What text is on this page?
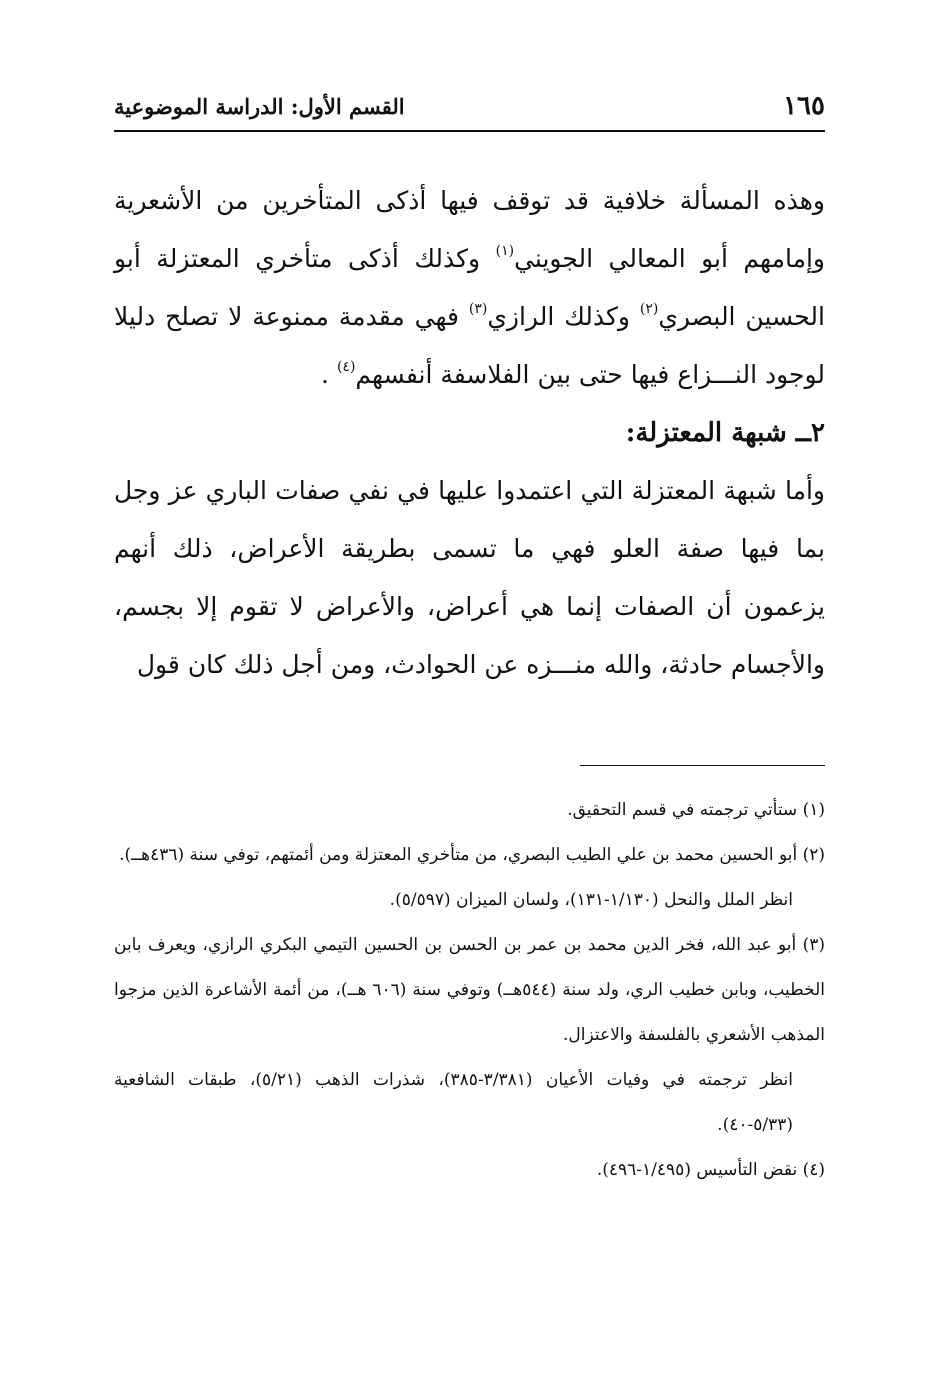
١٦٥
القسم الأول: الدراسة الموضوعية

وهذه المسألة خلافية قد توقف فيها أذكى المتأخرين من الأشعرية وإمامهم أبو المعالي الجويني$^{(١)}$ وكذلك أذكى متأخري المعتزلة أبو الحسين البصري$^{(٢)}$ وكذلك الرازي$^{(٣)}$ فهي مقدمة ممنوعة لا تصلح دليلا لوجود النـــزاع فيها حتى بين الفلاسفة أنفسهم$^{(٤)}$ .

٢ــ شبهة المعتزلة:

وأما شبهة المعتزلة التي اعتمدوا عليها في نفي صفات الباري عز وجل بما فيها صفة العلو فهي ما تسمى بطريقة الأعراض، ذلك أنهم يزعمون أن الصفات إنما هي أعراض، والأعراض لا تقوم إلا بجسم، والأجسام حادثة، والله منـــزه عن الحوادث، ومن أجل ذلك كان قول

(١) ستأتي ترجمته في قسم التحقيق.

(٢) أبو الحسين محمد بن علي الطيب البصري، من متأخري المعتزلة ومن أئمتهم، توفي سنة (٤٣٦هــ).

انظر الملل والنحل (١/١٣٠-١٣١)، ولسان الميزان (٥/٥٩٧).

(٣) أبو عبد الله، فخر الدين محمد بن عمر بن الحسن بن الحسين التيمي البكري الرازي، ويعرف بابن الخطيب، وبابن خطيب الري، ولد سنة (٥٤٤هــ) وتوفي سنة (٦٠٦ هــ)، من أئمة الأشاعرة الذين مزجوا المذهب الأشعري بالفلسفة والاعتزال.

انظر ترجمته في وفيات الأعيان (٣/٣٨١-٣٨٥)، شذرات الذهب (٥/٢١)، طبقات الشافعية (٥/٣٣-٤٠).

(٤) نقض التأسيس (١/٤٩٥-٤٩٦).
